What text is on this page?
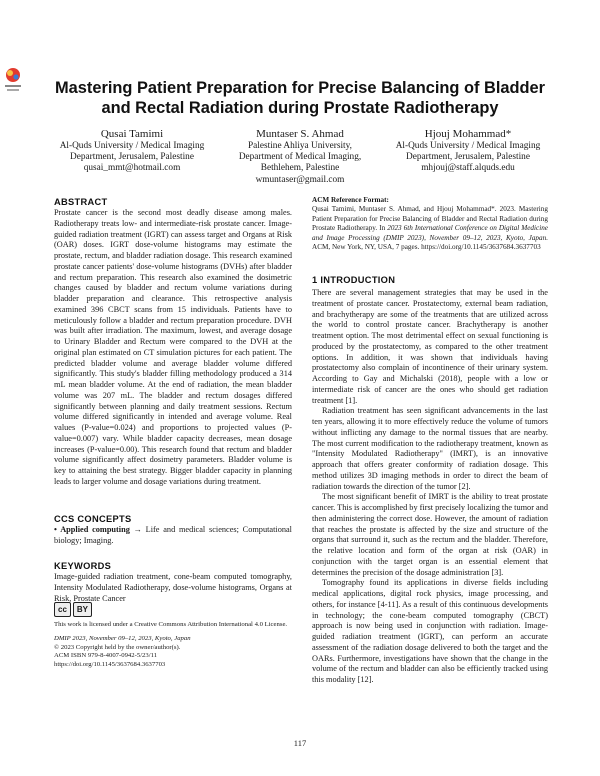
Mastering Patient Preparation for Precise Balancing of Bladder and Rectal Radiation during Prostate Radiotherapy
Qusai Tamimi
Al-Quds University / Medical Imaging
Department, Jerusalem, Palestine
qusai_mmt@hotmail.com
Muntaser S. Ahmad
Palestine Ahliya University,
Department of Medical Imaging,
Bethlehem, Palestine
wmuntaser@gmail.com
Hjouj Mohammad*
Al-Quds University / Medical Imaging
Department, Jerusalem, Palestine
mhjouj@staff.alquds.edu
ABSTRACT

Prostate cancer is the second most deadly disease among males. Radiotherapy treats low- and intermediate-risk prostate cancer. Image-guided radiation treatment (IGRT) can assess target and Organs at Risk (OAR) doses. IGRT dose-volume histograms may estimate the prostate, rectum, and bladder radiation dosage. This research examined prostate cancer patients' dose-volume histograms (DVHs) after bladder and rectum preparation. This research also examined the dosimetric changes caused by bladder and rectum volume variations during bladder preparation and clearance. This retrospective analysis examined 396 CBCT scans from 15 individuals. Patients have to meticulously follow a bladder and rectum preparation procedure. DVH was built after irradiation. The maximum, lowest, and average dosage to Urinary Bladder and Rectum were compared to the DVH at the original plan estimated on CT simulation pictures for each patient. The predicted bladder volume and average bladder volume differed significantly. This study's bladder filling methodology produced a 314 mL mean bladder volume. At the end of radiation, the mean bladder volume was 207 mL. The bladder and rectum dosages differed significantly between planning and daily treatment sessions. Rectum volume differed significantly in intended and average volume. Real values (P-value=0.024) and proportions to projected values (P-value=0.007) vary. While bladder capacity decreases, mean dosage increases (P-value=0.00). This research found that rectum and bladder volume significantly affect dosimetry parameters. Bladder volume is key to attaining the best strategy. Bigger bladder capacity in planning leads to larger volume and dosage variations during treatment.

CCS CONCEPTS

• Applied computing → Life and medical sciences; Computational biology; Imaging.

KEYWORDS

Image-guided radiation treatment, cone-beam computed tomography, Intensity Modulated Radiotherapy, dose-volume histograms, Organs at Risk, Prostate Cancer

cc	BY

This work is licensed under a Creative Commons Attribution International 4.0 License.

DMIP 2023, November 09–12, 2023, Kyoto, Japan

© 2023 Copyright held by the owner/author(s).

ACM ISBN 979-8-4007-0942-5/23/11

https://doi.org/10.1145/3637684.3637703

ACM Reference Format:

Qusai Tamimi, Muntaser S. Ahmad, and Hjouj Mohammad*. 2023. Mastering Patient Preparation for Precise Balancing of Bladder and Rectal Radiation during Prostate Radiotherapy. In 2023 6th International Conference on Digital Medicine and Image Processing (DMIP 2023), November 09–12, 2023, Kyoto, Japan. ACM, New York, NY, USA, 7 pages. https://doi.org/10.1145/3637684.3637703

1 INTRODUCTION

There are several management strategies that may be used in the treatment of prostate cancer. Prostatectomy, external beam radiation, and brachytherapy are some of the treatments that are utilized across the world to control prostate cancer. Brachytherapy is another treatment option. The most detrimental effect on sexual functioning is produced by the prostatectomy, as compared to the other treatment options. In addition, it was shown that individuals having prostatectomy also complain of incontinence of their urinary system. According to Gay and Michalski (2018), people with a low or intermediate risk of cancer are the ones who should get radiation treatment [1].

Radiation treatment has seen significant advancements in the last ten years, allowing it to more effectively reduce the volume of tumors without inflicting any damage to the normal tissues that are nearby. The most current modification to the radiotherapy treatment, known as "Intensity Modulated Radiotherapy" (IMRT), is an innovative approach that offers greater conformity of radiation dosage. This method utilizes 3D imaging methods in order to direct the beam of radiation towards the direction of the tumor [2].

The most significant benefit of IMRT is the ability to treat prostate cancer. This is accomplished by first precisely localizing the tumor and then administering the correct dose. However, the amount of radiation that reaches the prostate is affected by the size and structure of the organs that surround it, such as the rectum and the bladder. Therefore, the relative location and form of the organ at risk (OAR) in conjunction with the target organ is an essential element that determines the precision of the dosage administration [3].

Tomography found its applications in diverse fields including medical applications, digital rock physics, image processing, and others, for instance [4-11]. As a result of this continuous developments in technology; the cone-beam computed tomography (CBCT) approach is now being used in conjunction with radiation. Image-guided radiation treatment (IGRT), can perform an accurate assessment of the radiation dosage delivered to both the target and the OARs. Furthermore, investigations have shown that the change in the volume of the rectum and bladder can also be efficiently tracked using this modality [12].

117
